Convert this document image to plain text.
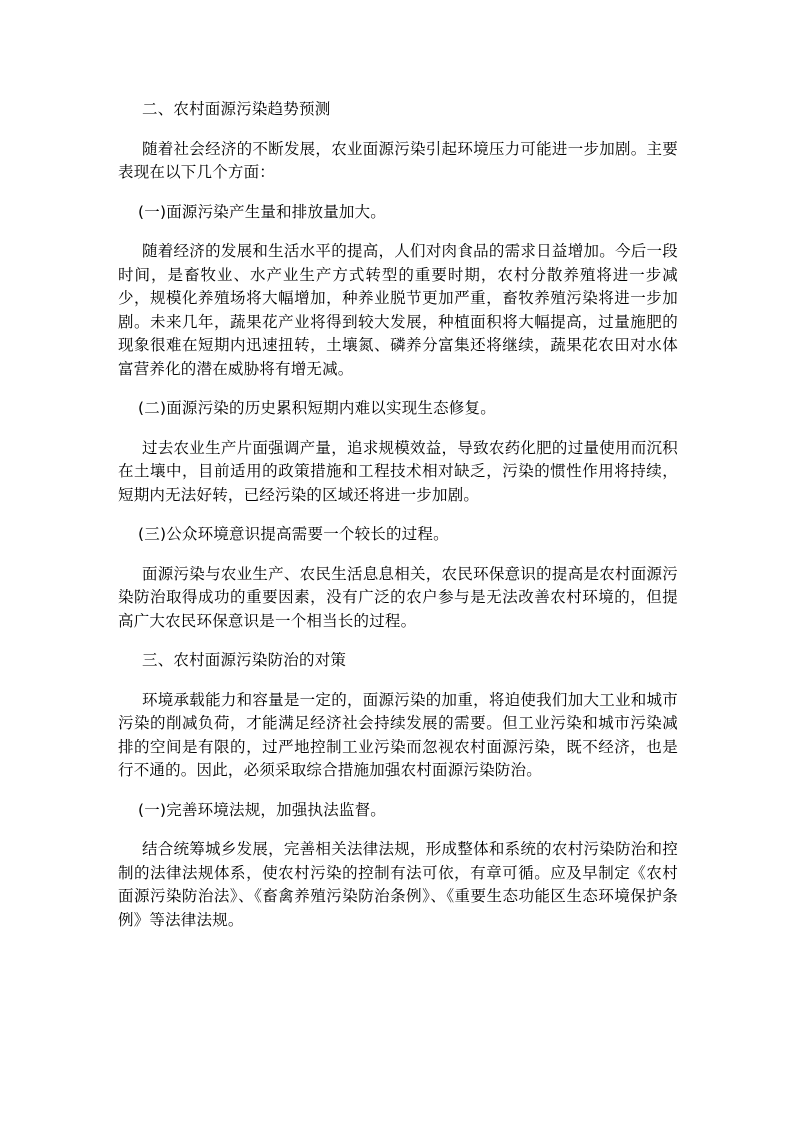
二、农村面源污染趋势预测

随着社会经济的不断发展，农业面源污染引起环境压力可能进一步加剧。主要表现在以下几个方面：

(一)面源污染产生量和排放量加大。

随着经济的发展和生活水平的提高，人们对肉食品的需求日益增加。今后一段时间，是畜牧业、水产业生产方式转型的重要时期，农村分散养殖将进一步减少，规模化养殖场将大幅增加，种养业脱节更加严重，畜牧养殖污染将进一步加剧。未来几年，蔬果花产业将得到较大发展，种植面积将大幅提高，过量施肥的现象很难在短期内迅速扭转，土壤氮、磷养分富集还将继续，蔬果花农田对水体富营养化的潜在威胁将有增无减。

(二)面源污染的历史累积短期内难以实现生态修复。

过去农业生产片面强调产量，追求规模效益，导致农药化肥的过量使用而沉积在土壤中，目前适用的政策措施和工程技术相对缺乏，污染的惯性作用将持续，短期内无法好转，已经污染的区域还将进一步加剧。

(三)公众环境意识提高需要一个较长的过程。

面源污染与农业生产、农民生活息息相关，农民环保意识的提高是农村面源污染防治取得成功的重要因素，没有广泛的农户参与是无法改善农村环境的，但提高广大农民环保意识是一个相当长的过程。

三、农村面源污染防治的对策

环境承载能力和容量是一定的，面源污染的加重，将迫使我们加大工业和城市污染的削减负荷，才能满足经济社会持续发展的需要。但工业污染和城市污染减排的空间是有限的，过严地控制工业污染而忽视农村面源污染，既不经济，也是行不通的。因此，必须采取综合措施加强农村面源污染防治。

(一)完善环境法规，加强执法监督。

结合统筹城乡发展，完善相关法律法规，形成整体和系统的农村污染防治和控制的法律法规体系，使农村污染的控制有法可依，有章可循。应及早制定《农村面源污染防治法》、《畜禽养殖污染防治条例》、《重要生态功能区生态环境保护条例》等法律法规。
